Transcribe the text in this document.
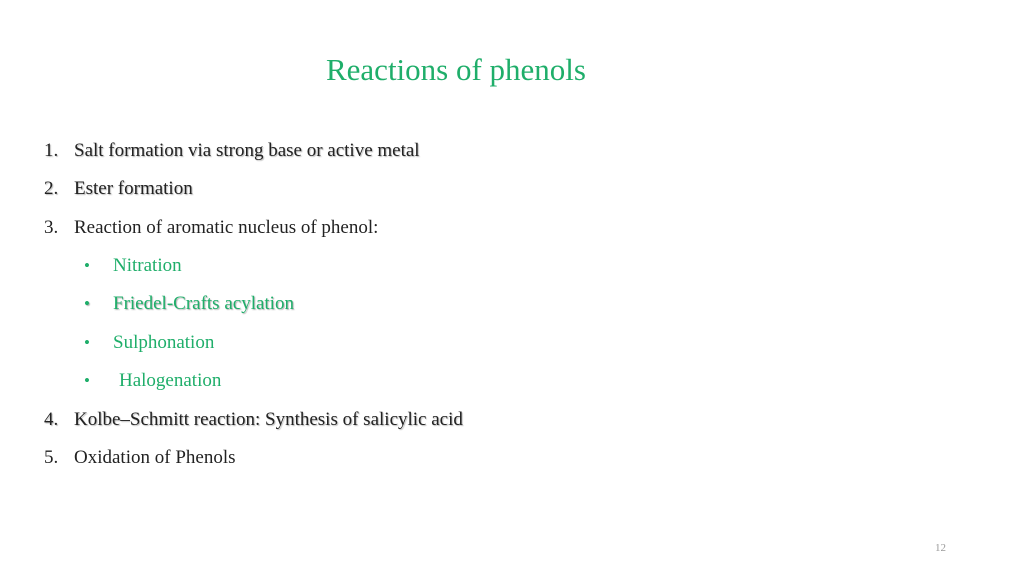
Reactions of phenols
1. Salt formation via strong base or active metal
2. Ester formation
3. Reaction of aromatic nucleus of phenol:
• Nitration
• Friedel-Crafts acylation
• Sulphonation
• Halogenation
4. Kolbe–Schmitt reaction: Synthesis of salicylic acid
5. Oxidation of Phenols
12
